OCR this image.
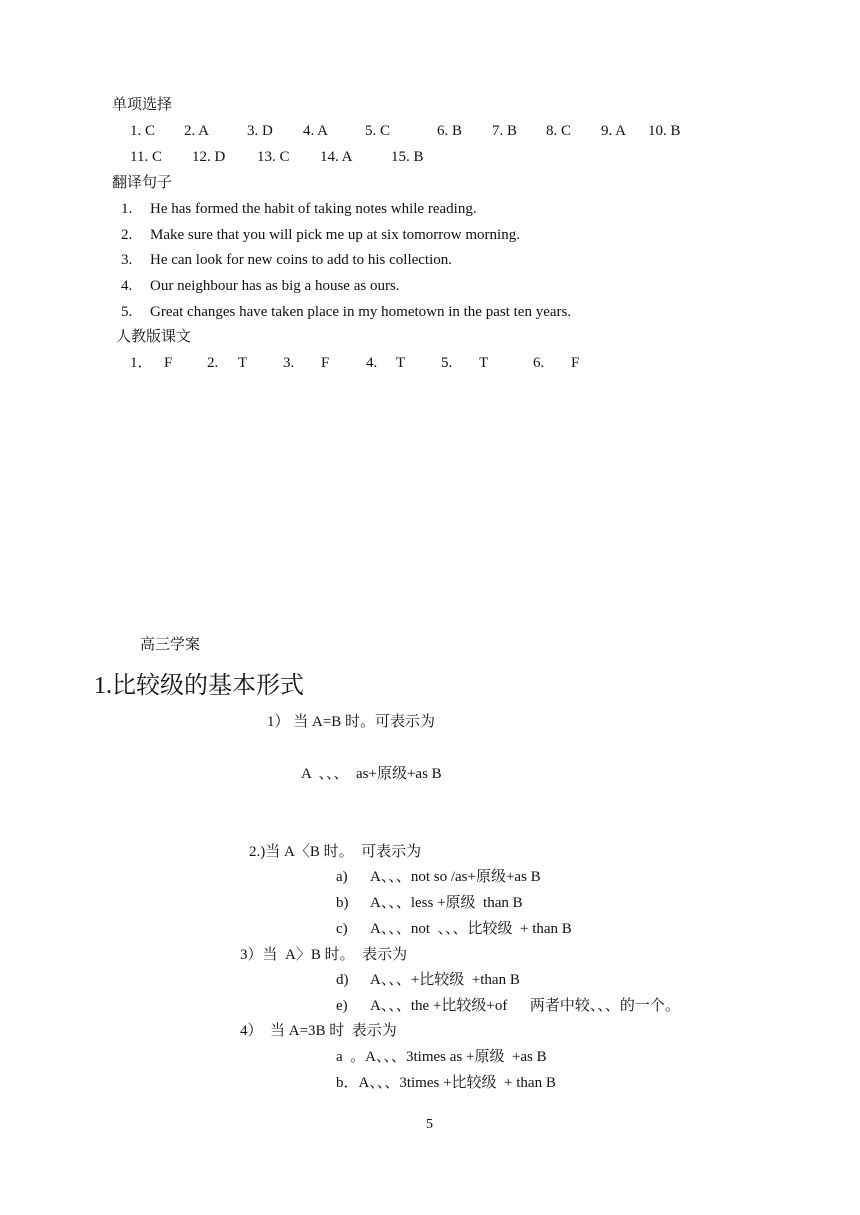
单项选择
1. C 2. A	3. D 4. A 5. C	6. B 7. B 8. C 9. A 10. B
11. C 12. D 13. C 14. A	15. B
翻译句子
1. He has formed the habit of taking notes while reading.
2. Make sure that you will pick me up at six tomorrow morning.
3. He can look for new coins to add to his collection.
4. Our neighbour has as big a house as ours.
5. Great changes have taken place in my hometown in the past ten years.
人教版课文
1． F 2. T 3. F 4. T 5. T	6. F
高三学案
1.比较级的基本形式
1） 当 A=B 时。可表示为
A  、、、  as+原级+as B
2.)当 A〈B 时。  可表示为
a) A、、、not so /as+原级+as B
b) A、、、less +原级  than B
c) A、、、not  、、、比较级  + than B
3）当  A〉B 时。  表示为
d) A、、、+比较级  +than B
e) A、、、the +比较级+of      两者中较、、、的一个。
4）  当 A=3B 时  表示为
a  。A、、、3times as +原级  +as B
b．A、、、3times +比较级  + than B
5
